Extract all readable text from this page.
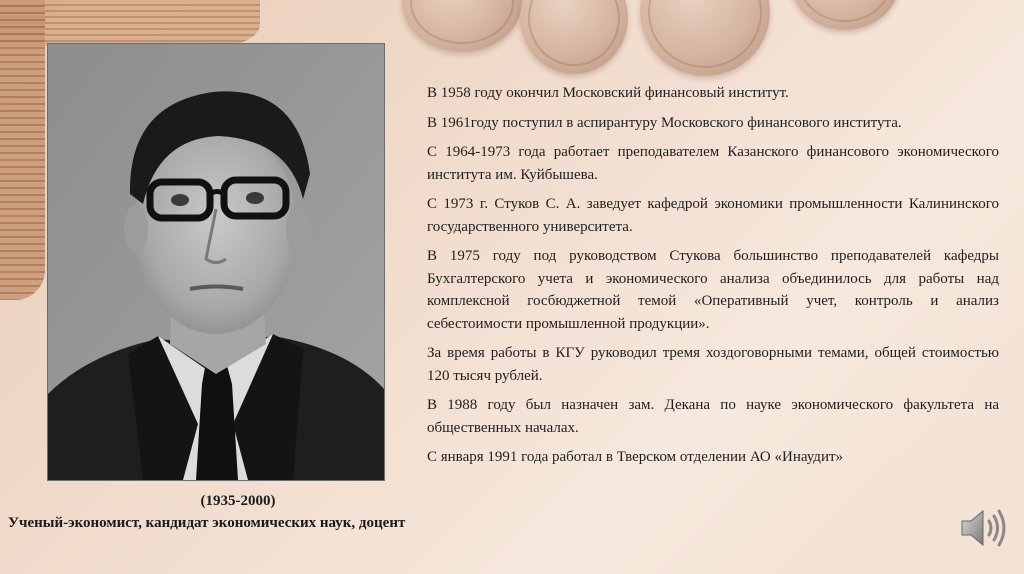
(1935-2000)
Ученый-экономист, кандидат экономических наук, доцент

В 1958 году окончил Московский финансовый институт.

В 1961году поступил в аспирантуру Московского финансового института.

С 1964-1973 года работает преподавателем Казанского финансового экономического института им. Куйбышева.

С 1973 г. Стуков С. А. заведует кафедрой экономики промышленности Калининского государственного университета.

В 1975 году под руководством Стукова большинство преподавателей кафедры Бухгалтерского учета и экономического анализа объединилось для работы над комплексной госбюджетной темой «Оперативный учет, контроль и анализ себестоимости промышленной продукции».

За время работы в КГУ руководил тремя хоздоговорными темами, общей стоимостью 120 тысяч рублей.

В 1988 году был назначен зам. Декана по науке экономического факультета на общественных началах.

С января 1991 года работал в Тверском отделении АО «Инаудит»
